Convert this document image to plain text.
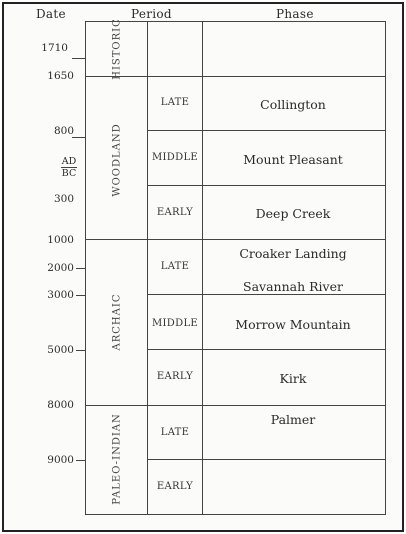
Date	Period	Phase
1710
1650
800
AD
BC
300
1000
2000
3000
5000
8000
9000
HISTORIC
WOODLAND
ARCHAIC
PALEO-INDIAN
LATE
MIDDLE
EARLY
LATE
MIDDLE
EARLY
LATE
EARLY
Collington
Mount Pleasant
Deep Creek
Croaker Landing
Savannah River
Morrow Mountain
Kirk
Palmer
